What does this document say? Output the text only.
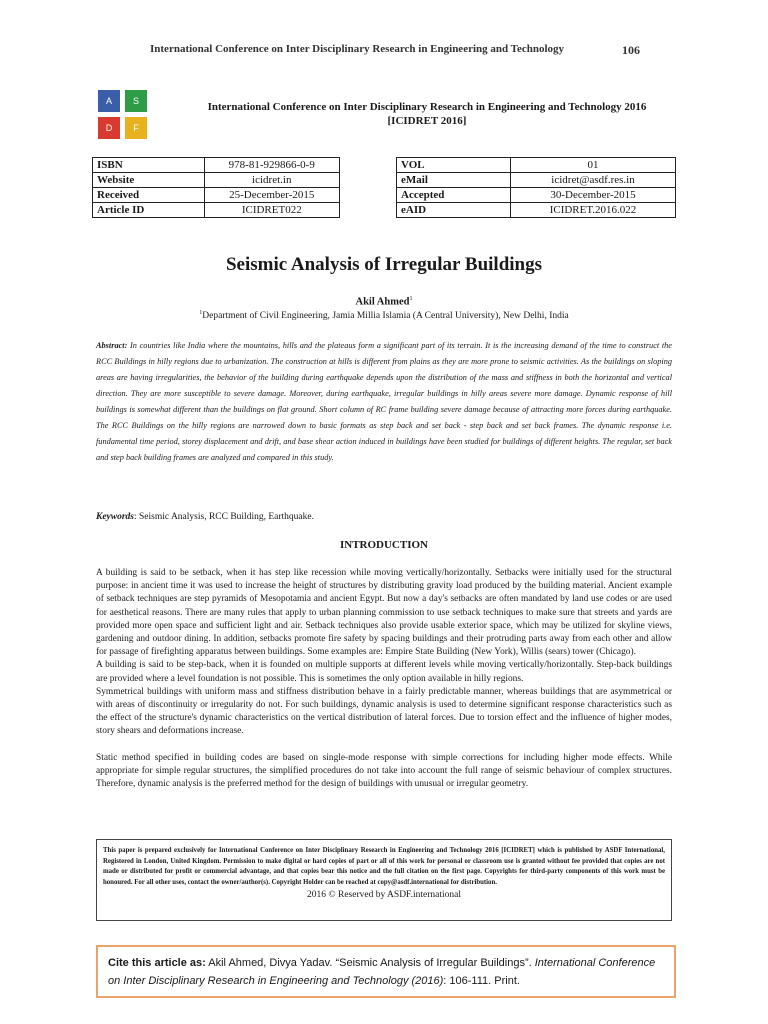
International Conference on Inter Disciplinary Research in Engineering and Technology	106
A	S
D	F
International Conference on Inter Disciplinary Research in Engineering and Technology 2016
[ICIDRET 2016]
ISBN	978-81-929866-0-9
Website	icidret.in
Received	25-December-2015
Article ID	ICIDRET022
VOL	01
eMail	icidret@asdf.res.in
Accepted	30-December-2015
eAID	ICIDRET.2016.022
Seismic Analysis of Irregular Buildings
Akil Ahmed$^1$
$^1$Department of Civil Engineering, Jamia Millia Islamia (A Central University), New Delhi, India
Abstract: In countries like India where the mountains, hills and the plateaus form a significant part of its terrain. It is the increasing demand of the time to construct the RCC Buildings in hilly regions due to urbanization. The construction at hills is different from plains as they are more prone to seismic activities. As the buildings on sloping areas are having irregularities, the behavior of the building during earthquake depends upon the distribution of the mass and stiffness in both the horizontal and vertical direction. They are more susceptible to severe damage. Moreover, during earthquake, irregular buildings in hilly areas severe more damage. Dynamic response of hill buildings is somewhat different than the buildings on flat ground. Short column of RC frame building severe damage because of attracting more forces during earthquake. The RCC Buildings on the hilly regions are narrowed down to basic formats as step back and set back - step back and set back frames. The dynamic response i.e. fundamental time period, storey displacement and drift, and base shear action induced in buildings have been studied for buildings of different heights. The regular, set back and step back building frames are analyzed and compared in this study.
Keywords: Seismic Analysis, RCC Building, Earthquake.
INTRODUCTION

A building is said to be setback, when it has step like recession while moving vertically/horizontally. Setbacks were initially used for the structural purpose: in ancient time it was used to increase the height of structures by distributing gravity load produced by the building material. Ancient example of setback techniques are step pyramids of Mesopotamia and ancient Egypt. But now a day's setbacks are often mandated by land use codes or are used for aesthetical reasons. There are many rules that apply to urban planning commission to use setback techniques to make sure that streets and yards are provided more open space and sufficient light and air. Setback techniques also provide usable exterior space, which may be utilized for skyline views, gardening and outdoor dining. In addition, setbacks promote fire safety by spacing buildings and their protruding parts away from each other and allow for passage of firefighting apparatus between buildings. Some examples are: Empire State Building (New York), Willis (sears) tower (Chicago).

A building is said to be step-back, when it is founded on multiple supports at different levels while moving vertically/horizontally. Step-back buildings are provided where a level foundation is not possible. This is sometimes the only option available in hilly regions.

Symmetrical buildings with uniform mass and stiffness distribution behave in a fairly predictable manner, whereas buildings that are asymmetrical or with areas of discontinuity or irregularity do not. For such buildings, dynamic analysis is used to determine significant response characteristics such as the effect of the structure's dynamic characteristics on the vertical distribution of lateral forces. Due to torsion effect and the influence of higher modes, story shears and deformations increase.

Static method specified in building codes are based on single-mode response with simple corrections for including higher mode effects. While appropriate for simple regular structures, the simplified procedures do not take into account the full range of seismic behaviour of complex structures. Therefore, dynamic analysis is the preferred method for the design of buildings with unusual or irregular geometry.

This paper is prepared exclusively for International Conference on Inter Disciplinary Research in Engineering and Technology 2016 [ICIDRET] which is published by ASDF International, Registered in London, United Kingdom. Permission to make digital or hard copies of part or all of this work for personal or classroom use is granted without fee provided that copies are not made or distributed for profit or commercial advantage, and that copies bear this notice and the full citation on the first page. Copyrights for third-party components of this work must be honoured. For all other uses, contact the owner/author(s). Copyright Holder can be reached at copy@asdf.international for distribution.
2016 © Reserved by ASDF.international
Cite this article as: Akil Ahmed, Divya Yadav. “Seismic Analysis of Irregular Buildings”. International Conference on Inter Disciplinary Research in Engineering and Technology (2016): 106-111. Print.
